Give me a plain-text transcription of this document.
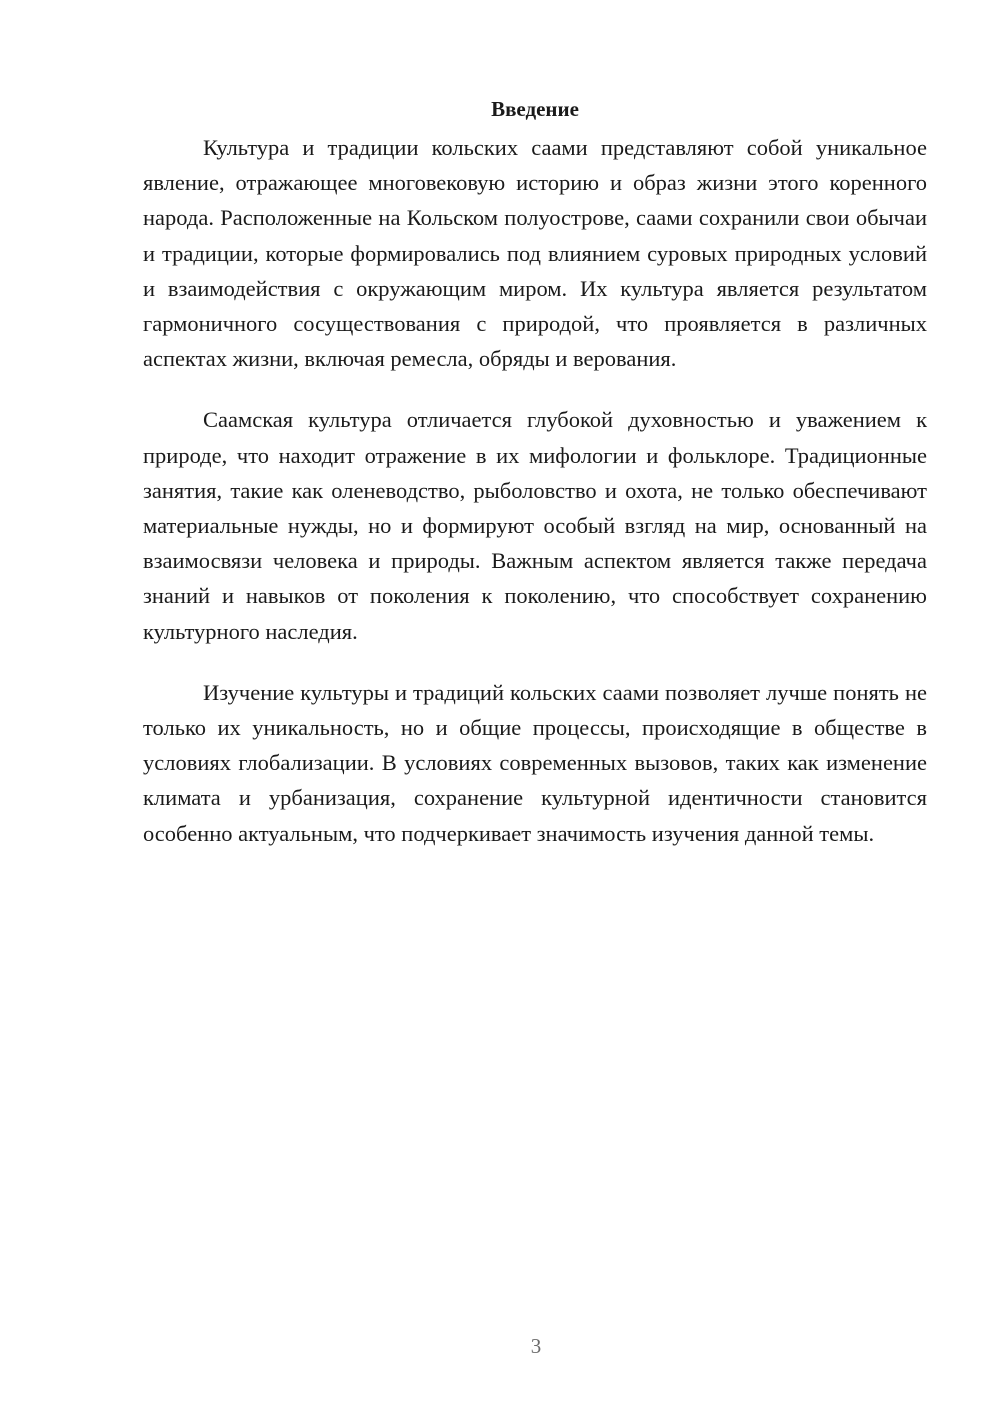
Введение

Культура и традиции кольских саами представляют собой уникальное явление, отражающее многовековую историю и образ жизни этого коренного народа. Расположенные на Кольском полуострове, саами сохранили свои обычаи и традиции, которые формировались под влиянием суровых природных условий и взаимодействия с окружающим миром. Их культура является результатом гармоничного сосуществования с природой, что проявляется в различных аспектах жизни, включая ремесла, обряды и верования.

Саамская культура отличается глубокой духовностью и уважением к природе, что находит отражение в их мифологии и фольклоре. Традиционные занятия, такие как оленеводство, рыболовство и охота, не только обеспечивают материальные нужды, но и формируют особый взгляд на мир, основанный на взаимосвязи человека и природы. Важным аспектом является также передача знаний и навыков от поколения к поколению, что способствует сохранению культурного наследия.

Изучение культуры и традиций кольских саами позволяет лучше понять не только их уникальность, но и общие процессы, происходящие в обществе в условиях глобализации. В условиях современных вызовов, таких как изменение климата и урбанизация, сохранение культурной идентичности становится особенно актуальным, что подчеркивает значимость изучения данной темы.

3
